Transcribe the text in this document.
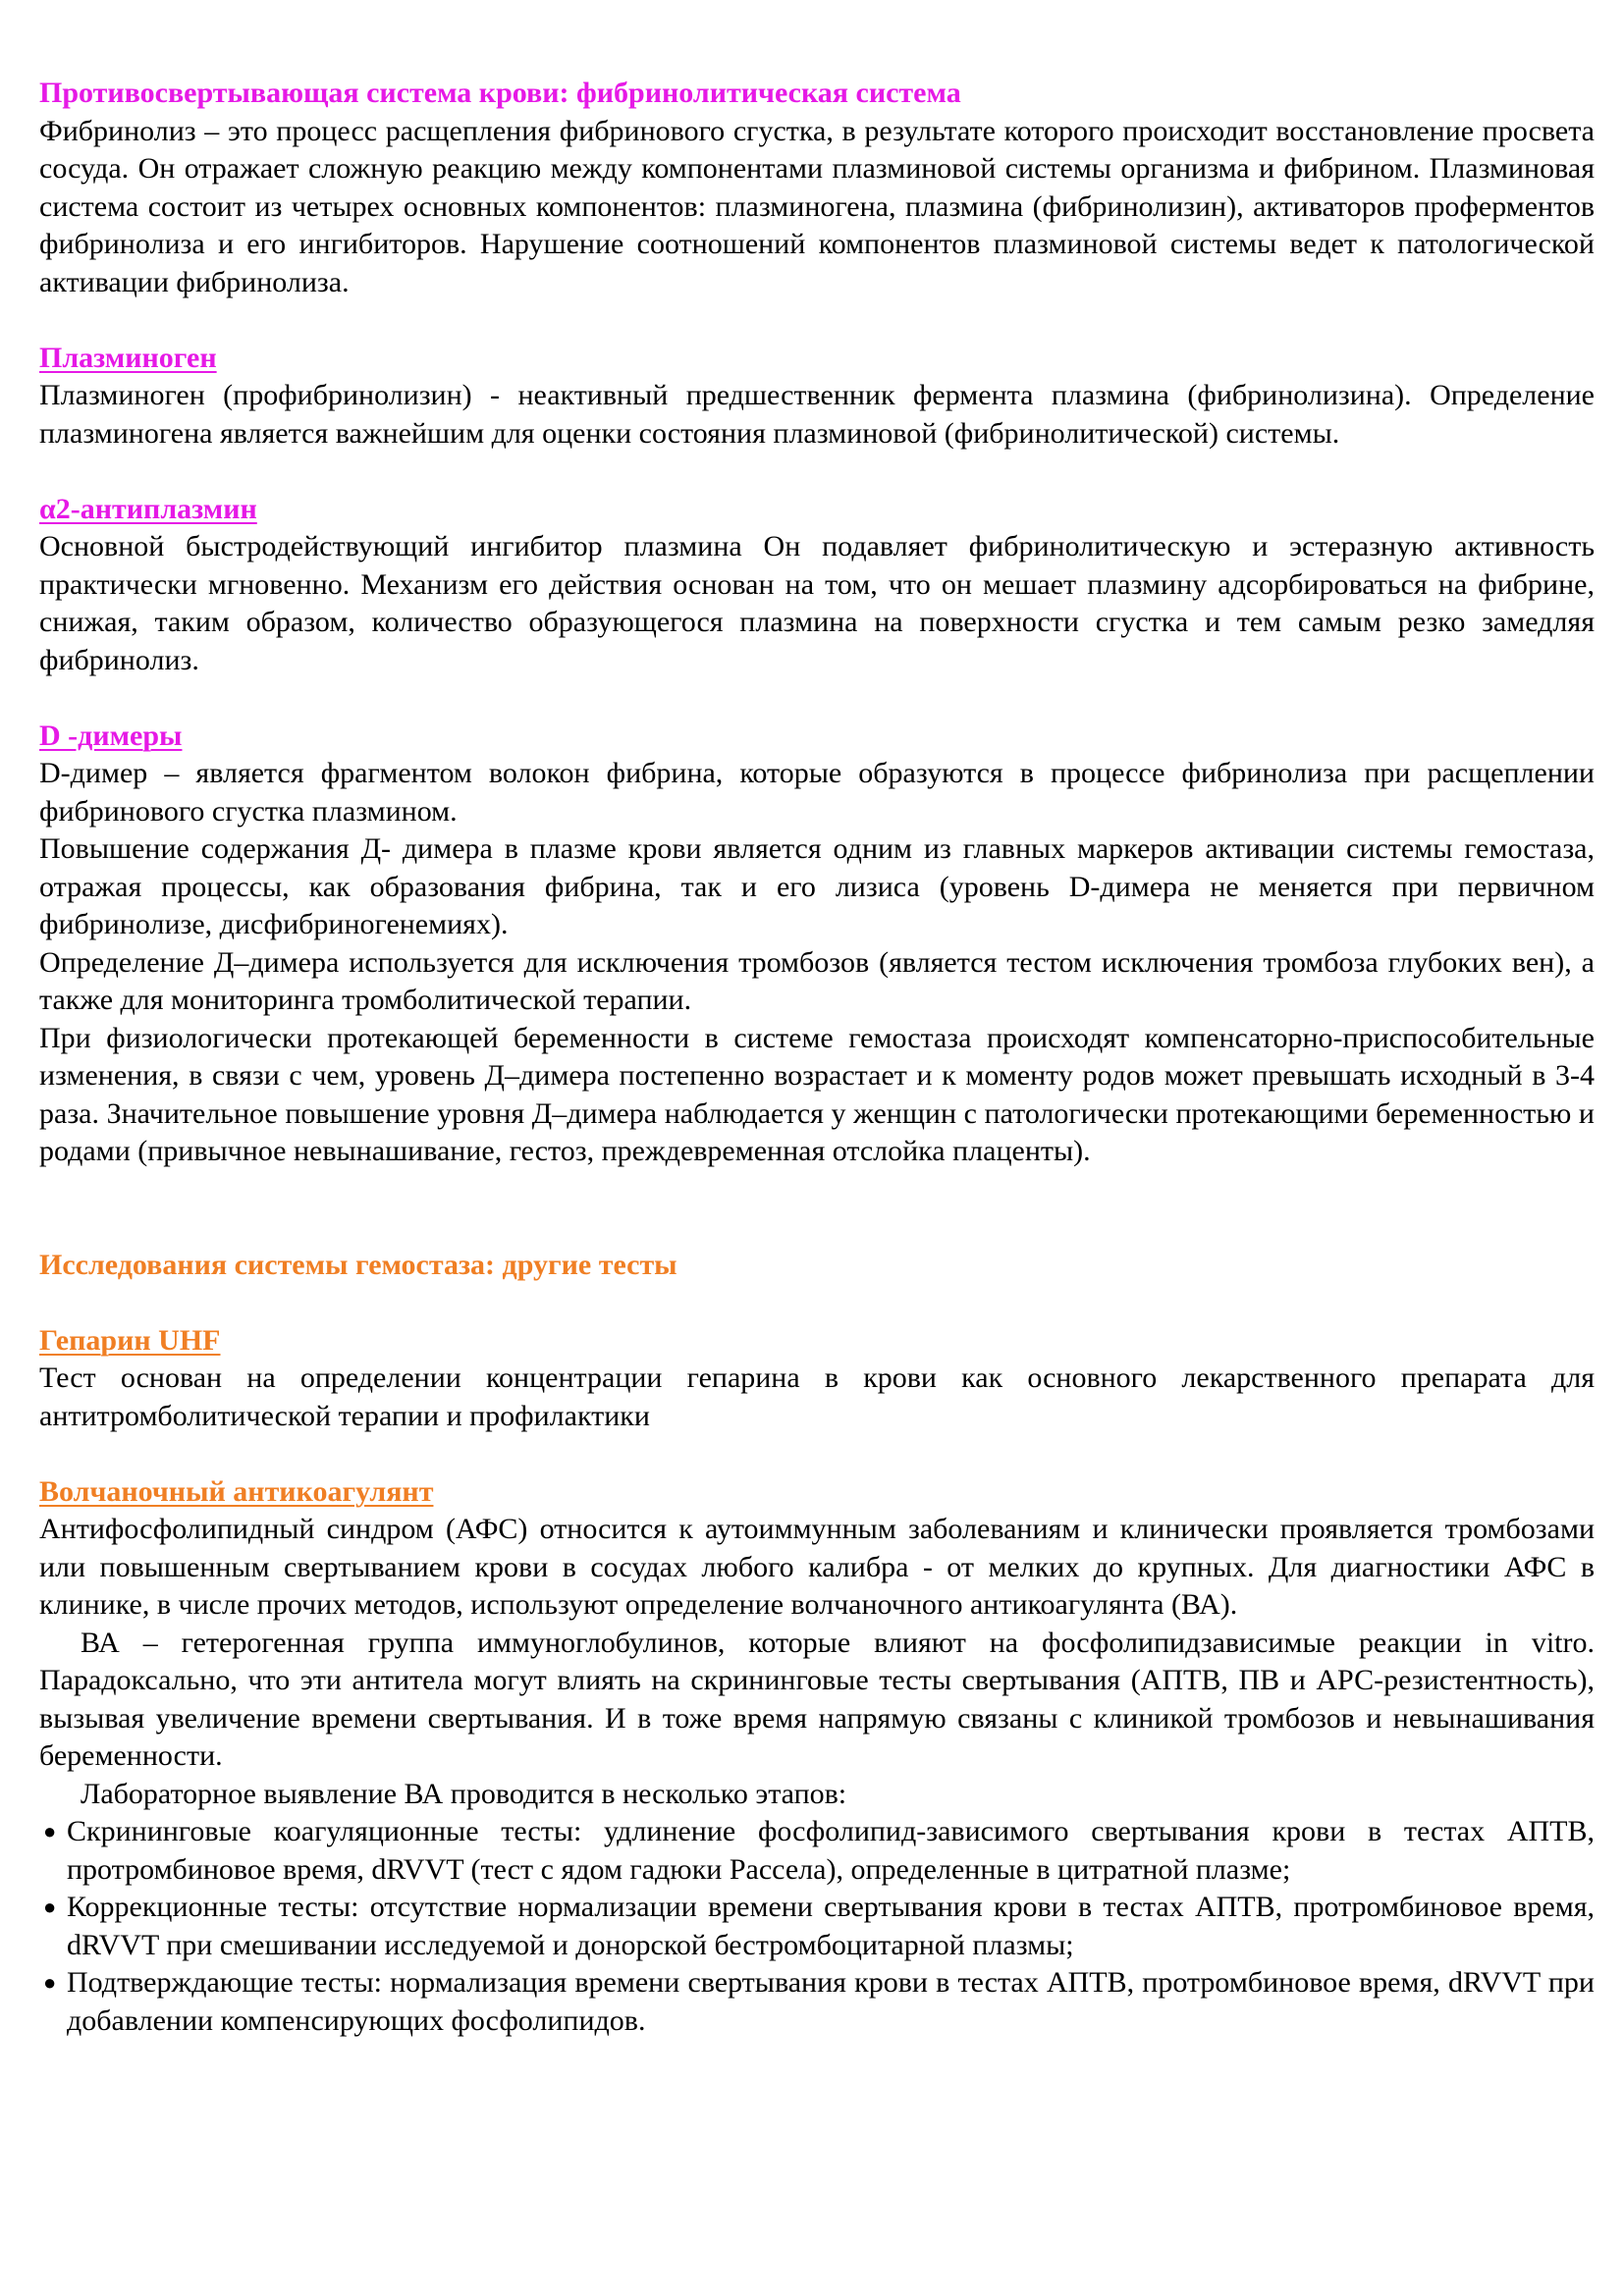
Противосвертывающая система крови: фибринолитическая система

Фибринолиз – это процесс расщепления фибринового сгустка, в результате которого происходит восстановление просвета сосуда. Он отражает сложную реакцию между компонентами плазминовой системы организма и фибрином. Плазминовая система состоит из четырех основных компонентов: плазминогена, плазмина (фибринолизин), активаторов проферментов фибринолиза и его ингибиторов. Нарушение соотношений компонентов плазминовой системы ведет к патологической активации фибринолиза.

Плазминоген

Плазминоген (профибринолизин) - неактивный предшественник фермента плазмина (фибринолизина). Определение плазминогена является важнейшим для оценки состояния плазминовой (фибринолитической) системы.

α2-антиплазмин

Основной быстродействующий ингибитор плазмина Он подавляет фибринолитическую и эстеразную активность практически мгновенно. Механизм его действия основан на том, что он мешает плазмину адсорбироваться на фибрине, снижая, таким образом, количество образующегося плазмина на поверхности сгустка и тем самым резко замедляя фибринолиз.

D -димеры

D-димер – является фрагментом волокон фибрина, которые образуются в процессе фибринолиза при расщеплении фибринового сгустка плазмином.

Повышение содержания Д- димера в плазме крови является одним из главных маркеров активации системы гемостаза, отражая процессы, как образования фибрина, так и его лизиса (уровень D-димера не меняется при первичном фибринолизе, дисфибриногенемиях).

Определение Д–димера используется для исключения тромбозов (является тестом исключения тромбоза глубоких вен), а также для мониторинга тромболитической терапии.

При физиологически протекающей беременности в системе гемостаза происходят компенсаторно-приспособительные изменения, в связи с чем, уровень Д–димера постепенно возрастает и к моменту родов может превышать исходный в 3-4 раза. Значительное повышение уровня Д–димера наблюдается у женщин с патологически протекающими беременностью и родами (привычное невынашивание, гестоз, преждевременная отслойка плаценты).

Исследования системы гемостаза: другие тесты
Гепарин UHF

Тест основан на определении концентрации гепарина в крови как основного лекарственного препарата для антитромболитической терапии и профилактики

Волчаночный антикоагулянт

Антифосфолипидный синдром (АФС) относится к аутоиммунным заболеваниям и клинически проявляется тромбозами или повышенным свертыванием крови в сосудах любого калибра - от мелких до крупных. Для диагностики АФС в клинике, в числе прочих методов, используют определение волчаночного антикоагулянта (ВА).

ВА – гетерогенная группа иммуноглобулинов, которые влияют на фосфолипидзависимые реакции in vitro. Парадоксально, что эти антитела могут влиять на скрининговые тесты свертывания (АПТВ, ПВ и АРС-резистентность), вызывая увеличение времени свертывания. И в тоже время напрямую связаны с клиникой тромбозов и невынашивания беременности.

Лабораторное выявление ВА проводится в несколько этапов:

● Скрининговые коагуляционные тесты: удлинение фосфолипид-зависимого свертывания крови в тестах АПТВ, протромбиновое время, dRVVT (тест с ядом гадюки Рассела), определенные в цитратной плазме;
● Коррекционные тесты: отсутствие нормализации времени свертывания крови в тестах АПТВ, протромбиновое время, dRVVT при смешивании исследуемой и донорской бестромбоцитарной плазмы;
● Подтверждающие тесты: нормализация времени свертывания крови в тестах АПТВ, протромбиновое время, dRVVT при добавлении компенсирующих фосфолипидов.
